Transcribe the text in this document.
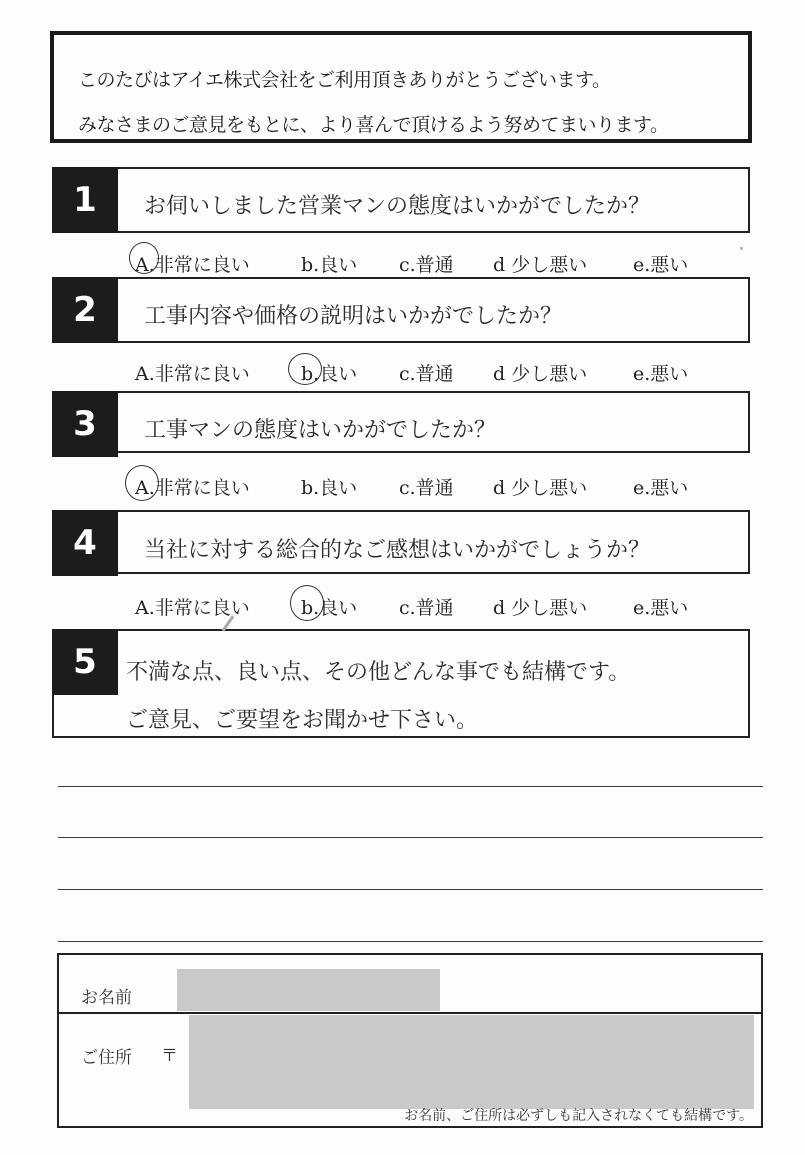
このたびはアイエ株式会社をご利用頂きありがとうございます。
みなさまのご意見をもとに、より喜んで頂けるよう努めてまいります。
1	お伺いしました営業マンの態度はいかがでしたか？
A.非常に良い	b.良い c.普通 d 少し悪い e.悪い
2	工事内容や価格の説明はいかがでしたか？
A.非常に良い	b.良い c.普通 d 少し悪い e.悪い
3	工事マンの態度はいかがでしたか？
A.非常に良い	b.良い c.普通 d 少し悪い e.悪い
4	当社に対する総合的なご感想はいかがでしょうか？
A.非常に良い	b.良い c.普通 d 少し悪い e.悪い
5	不満な点、良い点、その他どんな事でも結構です。
ご意見、ご要望をお聞かせ下さい。
お名前
ご住所 〒
お名前、ご住所は必ずしも記入されなくても結構です。
